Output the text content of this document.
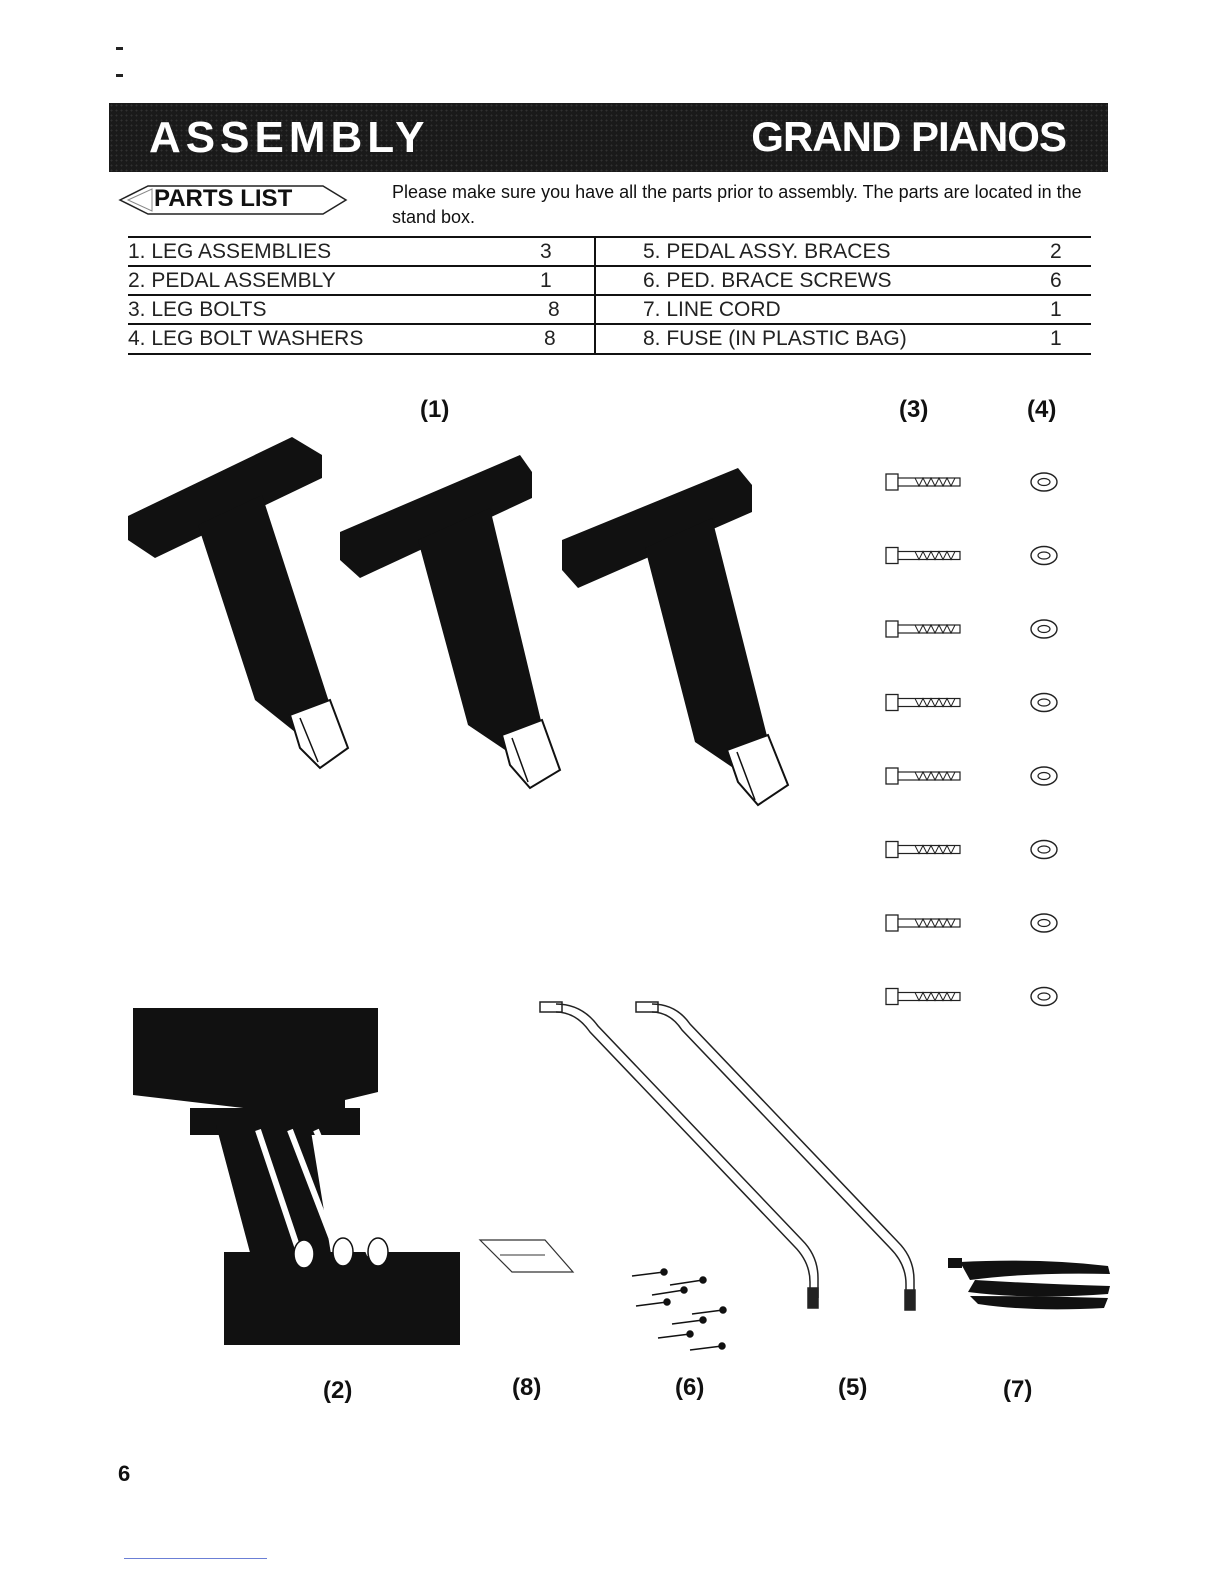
ASSEMBLY	GRAND PIANOS
PARTS LIST	Please make sure you have all the parts prior to assembly. The parts are located in the stand box.
1. LEG ASSEMBLIES	3	5. PEDAL ASSY. BRACES	2
2. PEDAL ASSEMBLY	1	6. PED. BRACE SCREWS	6
3. LEG BOLTS	8	7. LINE CORD	1
4. LEG BOLT WASHERS	8	8. FUSE (IN PLASTIC BAG)	1
(1)	(3)	(4)
(2)	(8)	(6)	(5)	(7)
6
